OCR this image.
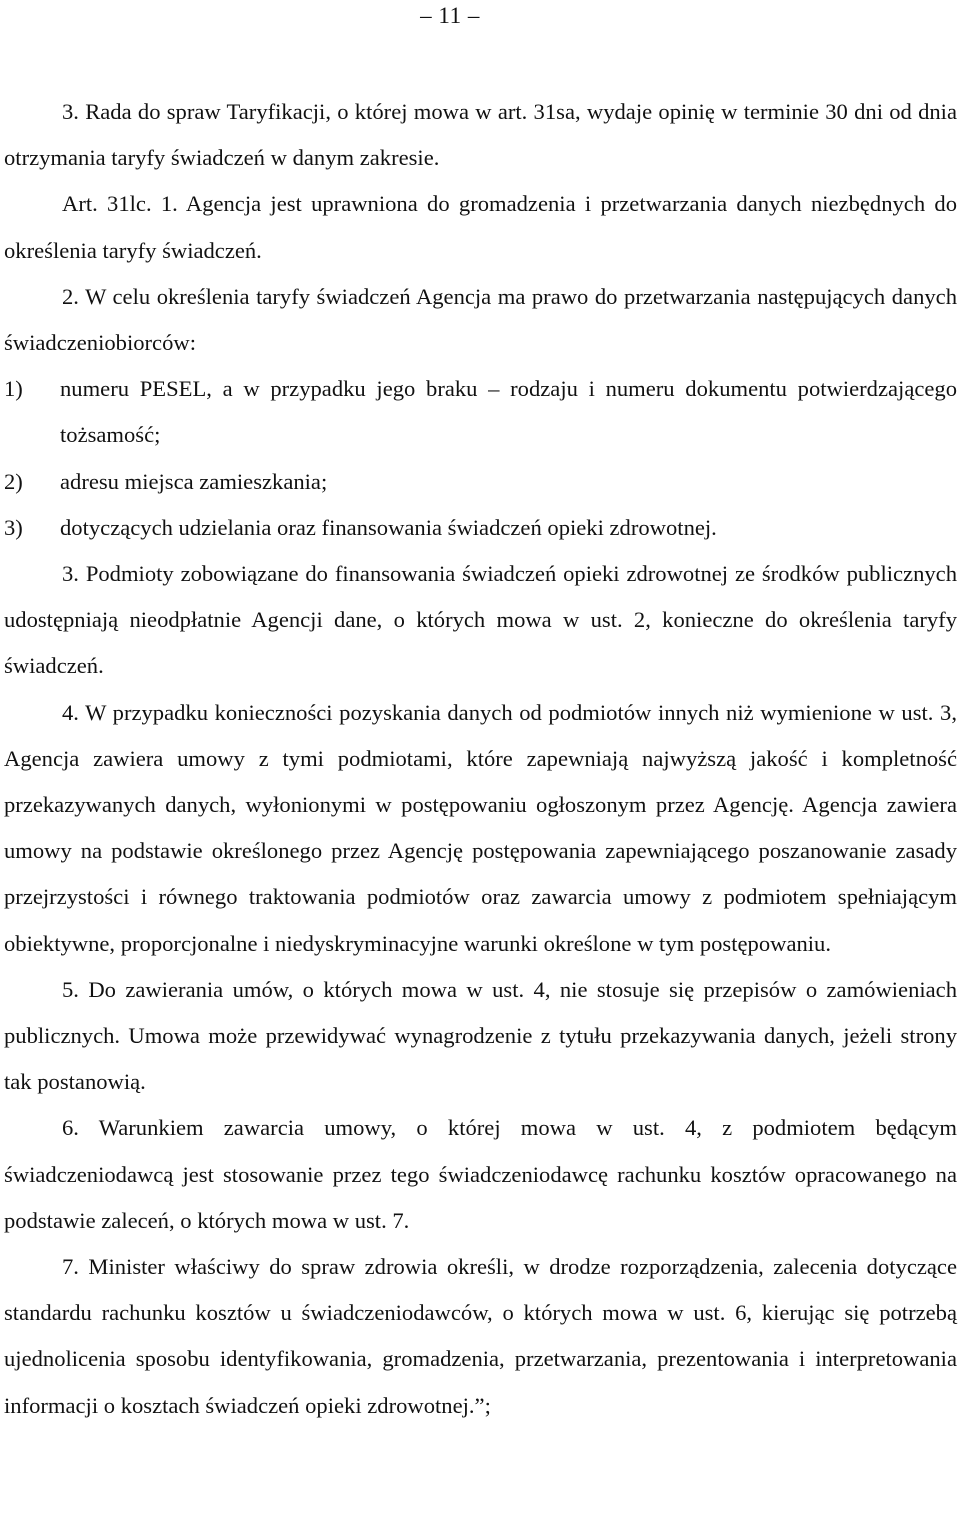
– 11 –

3. Rada do spraw Taryfikacji, o której mowa w art. 31sa, wydaje opinię w terminie 30 dni od dnia otrzymania taryfy świadczeń w danym zakresie.

Art. 31lc. 1. Agencja jest uprawniona do gromadzenia i przetwarzania danych niezbędnych do określenia taryfy świadczeń.

2. W celu określenia taryfy świadczeń Agencja ma prawo do przetwarzania następujących danych świadczeniobiorców:

1) numeru PESEL, a w przypadku jego braku – rodzaju i numeru dokumentu potwierdzającego tożsamość;
2) adresu miejsca zamieszkania;
3) dotyczących udzielania oraz finansowania świadczeń opieki zdrowotnej.

3. Podmioty zobowiązane do finansowania świadczeń opieki zdrowotnej ze środków publicznych udostępniają nieodpłatnie Agencji dane, o których mowa w ust. 2, konieczne do określenia taryfy świadczeń.

4. W przypadku konieczności pozyskania danych od podmiotów innych niż wymienione w ust. 3, Agencja zawiera umowy z tymi podmiotami, które zapewniają najwyższą jakość i kompletność przekazywanych danych, wyłonionymi w postępowaniu ogłoszonym przez Agencję. Agencja zawiera umowy na podstawie określonego przez Agencję postępowania zapewniającego poszanowanie zasady przejrzystości i równego traktowania podmiotów oraz zawarcia umowy z podmiotem spełniającym obiektywne, proporcjonalne i niedyskryminacyjne warunki określone w tym postępowaniu.

5. Do zawierania umów, o których mowa w ust. 4, nie stosuje się przepisów o zamówieniach publicznych. Umowa może przewidywać wynagrodzenie z tytułu przekazywania danych, jeżeli strony tak postanowią.

6. Warunkiem zawarcia umowy, o której mowa w ust. 4, z podmiotem będącym świadczeniodawcą jest stosowanie przez tego świadczeniodawcę rachunku kosztów opracowanego na podstawie zaleceń, o których mowa w ust. 7.

7. Minister właściwy do spraw zdrowia określi, w drodze rozporządzenia, zalecenia dotyczące standardu rachunku kosztów u świadczeniodawców, o których mowa w ust. 6, kierując się potrzebą ujednolicenia sposobu identyfikowania, gromadzenia, przetwarzania, prezentowania i interpretowania informacji o kosztach świadczeń opieki zdrowotnej.”;
